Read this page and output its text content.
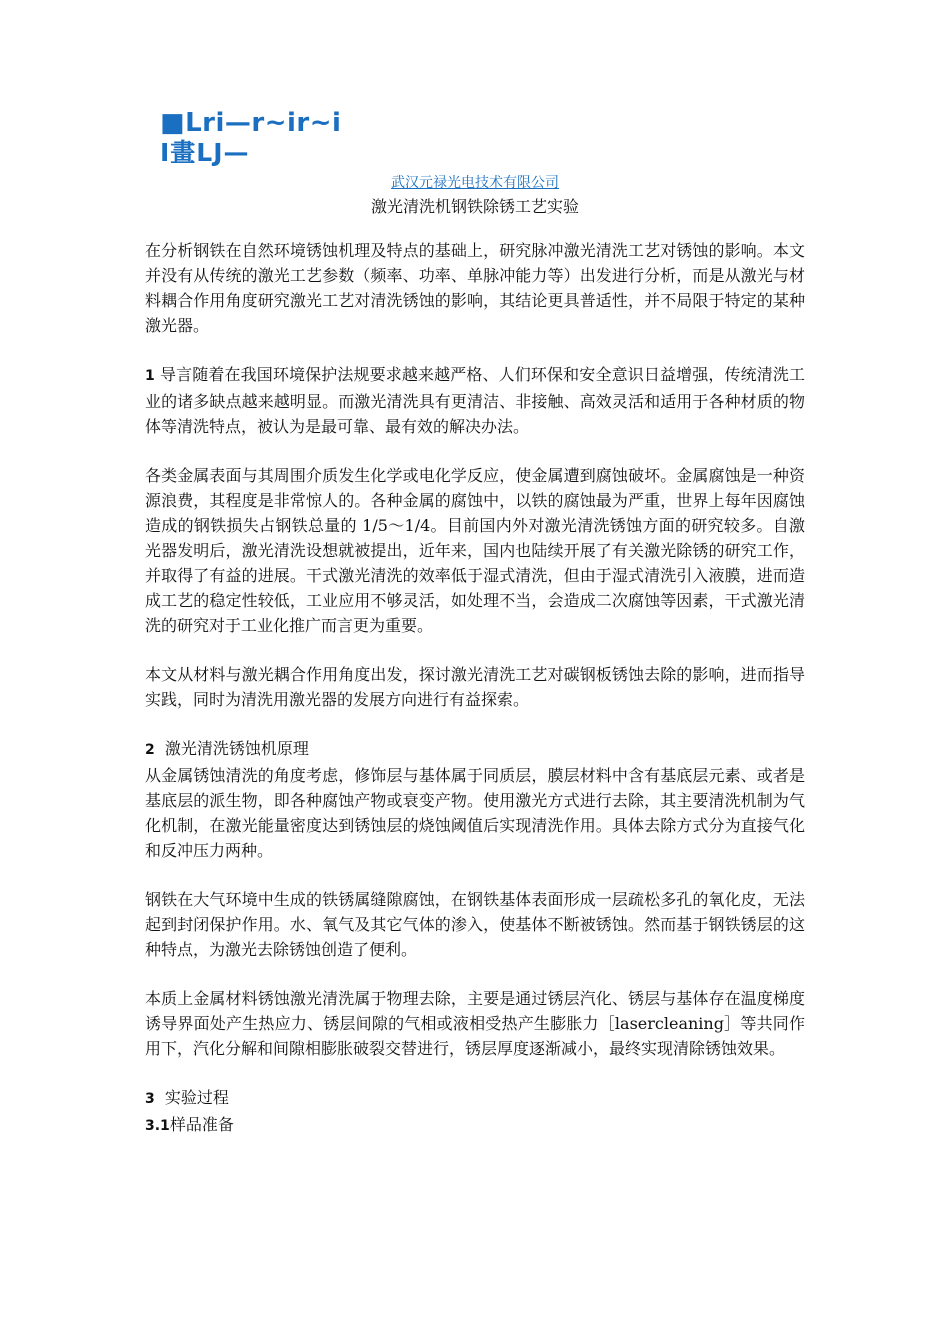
■Lri—r~ir~i
I畫LJ—
武汉元禄光电技术有限公司
激光清洗机钢铁除锈工艺实验

在分析钢铁在自然环境锈蚀机理及特点的基础上，研究脉冲激光清洗工艺对锈蚀的影响。本文并没有从传统的激光工艺参数（频率、功率、单脉冲能力等）出发进行分析，而是从激光与材料耦合作用角度研究激光工艺对清洗锈蚀的影响，其结论更具普适性，并不局限于特定的某种激光器。

1 导言随着在我国环境保护法规要求越来越严格、人们环保和安全意识日益增强，传统清洗工业的诸多缺点越来越明显。而激光清洗具有更清洁、非接触、高效灵活和适用于各种材质的物体等清洗特点，被认为是最可靠、最有效的解决办法。

各类金属表面与其周围介质发生化学或电化学反应，使金属遭到腐蚀破坏。金属腐蚀是一种资源浪费，其程度是非常惊人的。各种金属的腐蚀中，以铁的腐蚀最为严重，世界上每年因腐蚀造成的钢铁损失占钢铁总量的 1/5～1/4。目前国内外对激光清洗锈蚀方面的研究较多。自激光器发明后，激光清洗设想就被提出，近年来，国内也陆续开展了有关激光除锈的研究工作，并取得了有益的进展。干式激光清洗的效率低于湿式清洗，但由于湿式清洗引入液膜，进而造成工艺的稳定性较低，工业应用不够灵活，如处理不当，会造成二次腐蚀等因素，干式激光清洗的研究对于工业化推广而言更为重要。

本文从材料与激光耦合作用角度出发，探讨激光清洗工艺对碳钢板锈蚀去除的影响，进而指导实践，同时为清洗用激光器的发展方向进行有益探索。

2 激光清洗锈蚀机原理

从金属锈蚀清洗的角度考虑，修饰层与基体属于同质层，膜层材料中含有基底层元素、或者是基底层的派生物，即各种腐蚀产物或衰变产物。使用激光方式进行去除，其主要清洗机制为气化机制，在激光能量密度达到锈蚀层的烧蚀阈值后实现清洗作用。具体去除方式分为直接气化和反冲压力两种。

钢铁在大气环境中生成的铁锈属缝隙腐蚀，在钢铁基体表面形成一层疏松多孔的氧化皮，无法起到封闭保护作用。水、氧气及其它气体的渗入，使基体不断被锈蚀。然而基于钢铁锈层的这种特点，为激光去除锈蚀创造了便利。

本质上金属材料锈蚀激光清洗属于物理去除，主要是通过锈层汽化、锈层与基体存在温度梯度诱导界面处产生热应力、锈层间隙的气相或液相受热产生膨胀力［lasercleaning］等共同作用下，汽化分解和间隙相膨胀破裂交替进行，锈层厚度逐渐减小，最终实现清除锈蚀效果。

3 实验过程

3.1样品准备
